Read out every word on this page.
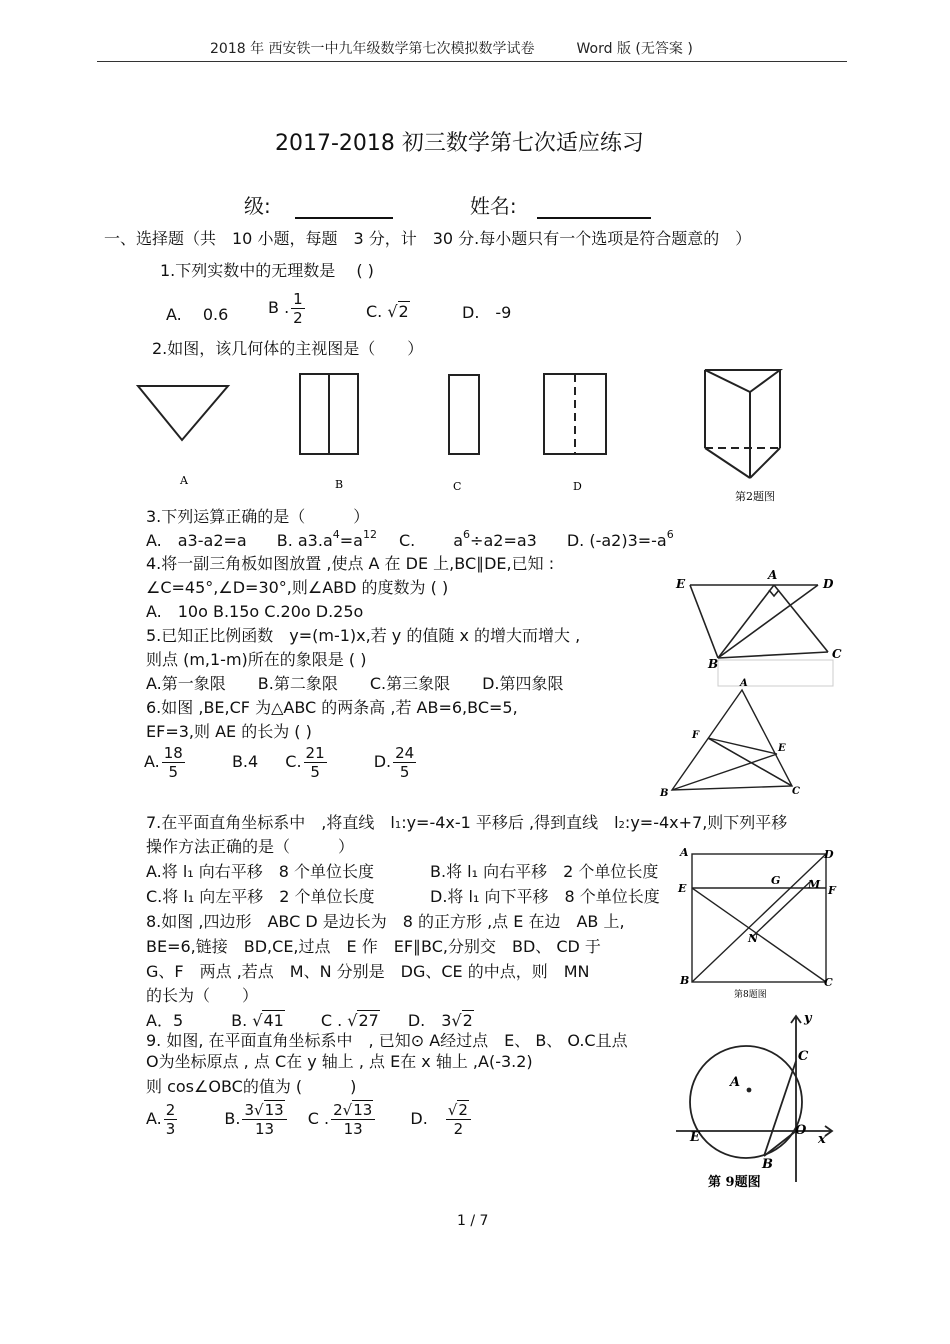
2018 年 西安铁一中九年级数学第七次模拟数学试卷　　　Word 版 (无答案 )
2017-2018 初三数学第七次适应练习
级:	姓名:
一、选择题（共　10 小题，每题　3 分，计　30 分.每小题只有一个选项是符合题意的　）
1.下列实数中的无理数是　 ( )
A.　 0.6 B . $\frac{1}{2}$	C. √2	D.　-9
2.如图，该几何体的主视图是（　　）
A	B	C	D
第2题图
3.下列运算正确的是（　　　）
A.　a3-a2=a B. $a3.a^4=a^{12}$ C. $a^6\div a2=a3$ D. $(-a2)3=-a^6$
4.将一副三角板如图放置 ,使点 A 在 DE 上,BC∥DE,已知 :
∠C=45°,∠D=30°,则∠ABD 的度数为 ( )
A.　10o B.15o C.20o D.25o
E
A
D
B
C
5.已知正比例函数　y=(m-1)x,若 y 的值随 x 的增大而增大 ,
则点 (m,1-m)所在的象限是 ( )
A.第一象限　　B.第二象限　　C.第三象限　　D.第四象限
6.如图 ,BE,CF 为△ABC 的两条高 ,若 AB=6,BC=5,
EF=3,则 AE 的长为 ( )
A. $\frac{18}{5}$	B.4 C. $\frac{21}{5}$	D. $\frac{24}{5}$
A
F
E
B	C
7.在平面直角坐标系中　,将直线　l1:y=-4x-1 平移后 ,得到直线　l2:y=-4x+7,则下列平移
操作方法正确的是（　　　）
A.将 l₁ 向右平移　8 个单位长度	B.将 l₁ 向右平移　2 个单位长度
C.将 l₁ 向左平移　2 个单位长度	D.将 l₁ 向下平移　8 个单位长度
8.如图 ,四边形　ABC D 是边长为　8 的正方形 ,点 E 在边　AB 上,
BE=6,链接　BD,CE,过点　E 作　EF∥BC,分别交　BD、 CD 于
G、F　两点 ,若点　M、N 分别是　DG、CE 的中点，则　MN
的长为（　　）
A．5	B. √41 C . √27 D.　3√2
A	D
E
G	M F
N
B	C
第8题图
9. 如图, 在平面直角坐标系中　, 已知⊙ A经过点　E、 B、 O.C且点
O为坐标原点 , 点 C在 y 轴上 , 点 E在 x 轴上 ,A(-3.2)
则 cos∠OBC的值为 (　　　)
A. $\frac{2}{3}$	B. $\frac{3√13}{13}$ C . $\frac{2√13}{13} D$. $\frac{√2}{2}$
y
C
A
E	O
x
B
第 9题图
1 / 7
